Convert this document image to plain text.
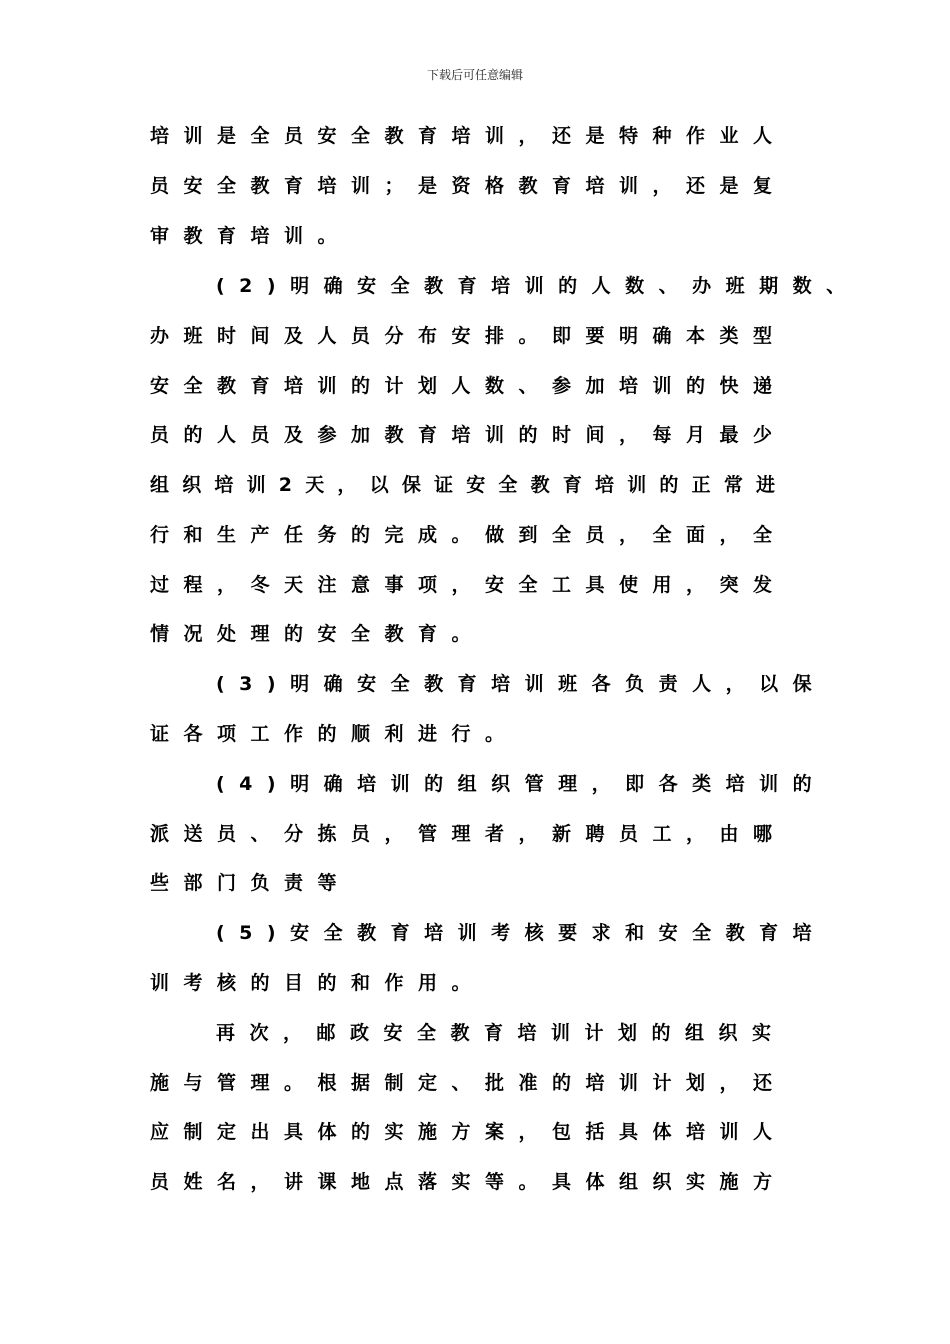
下载后可任意编辑
培训是全员安全教育培训，还是特种作业人
员安全教育培训；是资格教育培训，还是复
审教育培训。
(2)明确安全教育培训的人数、办班期数、
办班时间及人员分布安排。即要明确本类型
安全教育培训的计划人数、参加培训的快递
员的人员及参加教育培训的时间，每月最少
组织培训2天，以保证安全教育培训的正常进
行和生产任务的完成。做到全员，全面，全
过程，冬天注意事项，安全工具使用，突发
情况处理的安全教育。
(3)明确安全教育培训班各负责人，以保
证各项工作的顺利进行。
(4)明确培训的组织管理，即各类培训的
派送员、分拣员，管理者，新聘员工，由哪
些部门负责等
(5)安全教育培训考核要求和安全教育培
训考核的目的和作用。
再次，邮政安全教育培训计划的组织实
施与管理。根据制定、批准的培训计划，还
应制定出具体的实施方案，包括具体培训人
员姓名，讲课地点落实等。具体组织实施方
